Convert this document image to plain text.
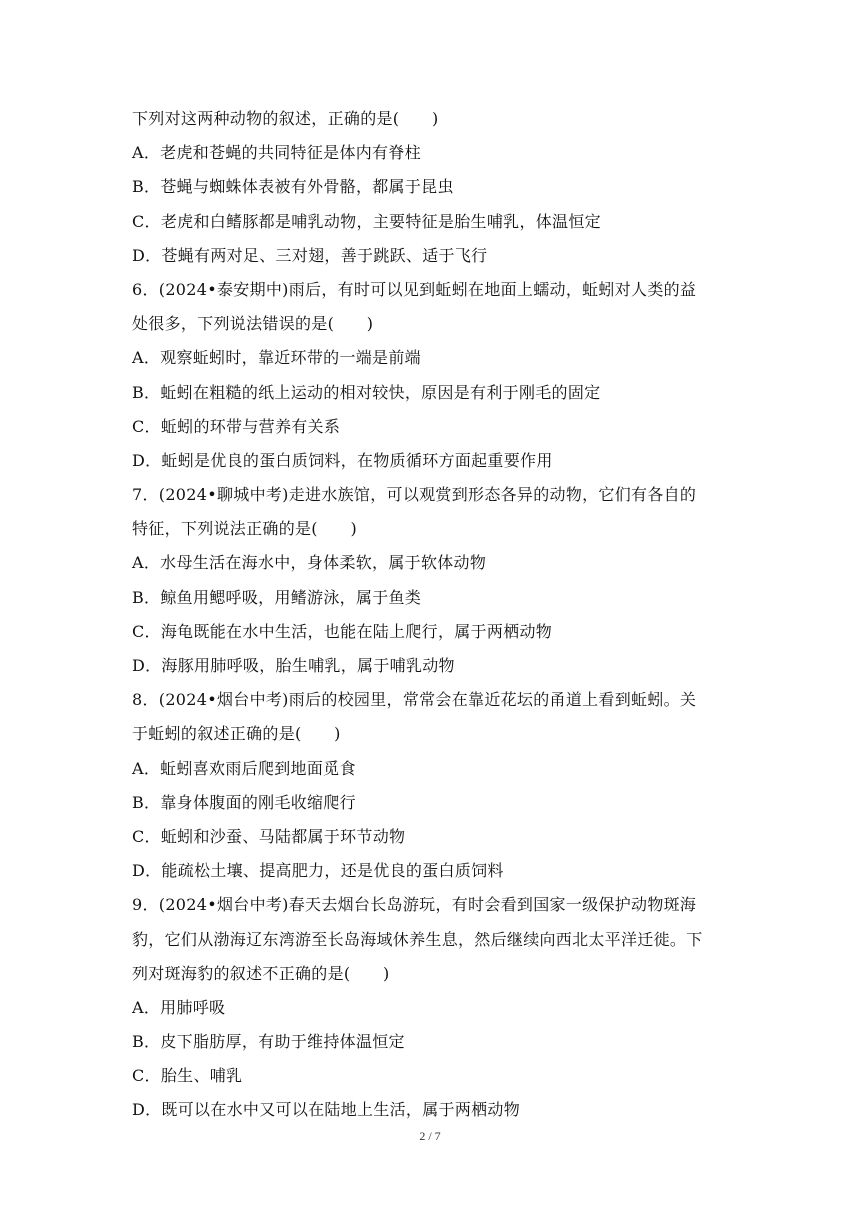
下列对这两种动物的叙述，正确的是(　　)
A．老虎和苍蝇的共同特征是体内有脊柱
B．苍蝇与蜘蛛体表被有外骨骼，都属于昆虫
C．老虎和白鳍豚都是哺乳动物，主要特征是胎生哺乳，体温恒定
D．苍蝇有两对足、三对翅，善于跳跃、适于飞行
6．(2024•泰安期中)雨后，有时可以见到蚯蚓在地面上蠕动，蚯蚓对人类的益
处很多，下列说法错误的是(　　)
A．观察蚯蚓时，靠近环带的一端是前端
B．蚯蚓在粗糙的纸上运动的相对较快，原因是有利于刚毛的固定
C．蚯蚓的环带与营养有关系
D．蚯蚓是优良的蛋白质饲料，在物质循环方面起重要作用
7．(2024•聊城中考)走进水族馆，可以观赏到形态各异的动物，它们有各自的
特征，下列说法正确的是(　　)
A．水母生活在海水中，身体柔软，属于软体动物
B．鲸鱼用鳃呼吸，用鳍游泳，属于鱼类
C．海龟既能在水中生活，也能在陆上爬行，属于两栖动物
D．海豚用肺呼吸，胎生哺乳，属于哺乳动物
8．(2024•烟台中考)雨后的校园里，常常会在靠近花坛的甬道上看到蚯蚓。关
于蚯蚓的叙述正确的是(　　)
A．蚯蚓喜欢雨后爬到地面觅食
B．靠身体腹面的刚毛收缩爬行
C．蚯蚓和沙蚕、马陆都属于环节动物
D．能疏松土壤、提高肥力，还是优良的蛋白质饲料
9．(2024•烟台中考)春天去烟台长岛游玩，有时会看到国家一级保护动物斑海
豹，它们从渤海辽东湾游至长岛海域休养生息，然后继续向西北太平洋迁徙。下
列对斑海豹的叙述不正确的是(　　)
A．用肺呼吸
B．皮下脂肪厚，有助于维持体温恒定
C．胎生、哺乳
D．既可以在水中又可以在陆地上生活，属于两栖动物
2 / 7
